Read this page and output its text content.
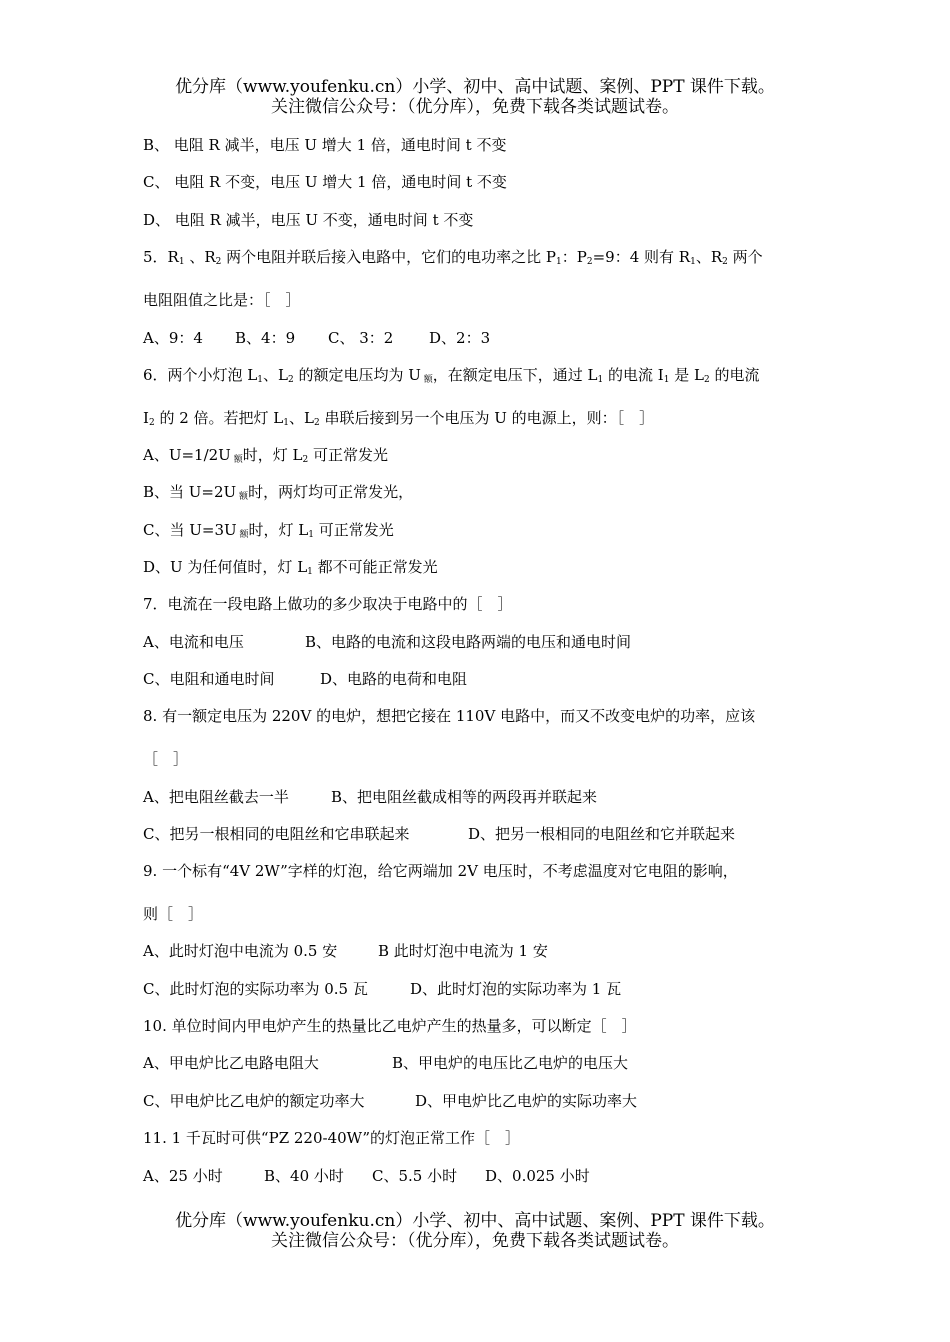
优分库（www.youfenku.cn）小学、初中、高中试题、案例、PPT 课件下载。
关注微信公众号：（优分库），免费下载各类试题试卷。
B、 电阻 R 减半，电压 U 增大 1 倍，通电时间 t 不变
C、 电阻 R 不变，电压 U 增大 1 倍，通电时间 t 不变
D、 电阻 R 减半，电压 U 不变，通电时间 t 不变
5．$R_1$ 、$R_2$ 两个电阻并联后接入电路中，它们的电功率之比 $P_1$：$P_2=9$：4 则有 $R_1$、$R_2$ 两个
电阻阻值之比是：［　］
A、9：4 B、4：9 C、 3：2 D、2：3
6．两个小灯泡 $L_1$、$L_2$ 的额定电压均为 U $_额$，在额定电压下，通过 $L_1$ 的电流 $I_1$ 是 $L_2$ 的电流
$I_2$ 的 2 倍。若把灯 $L_1$、$L_2$ 串联后接到另一个电压为 U 的电源上，则：［　］
A、U=1/2U $_额$时，灯 $L_2$ 可正常发光
B、当 U=2U $_额$时，两灯均可正常发光，
C、当 U=3U $_额$时，灯 $L_1$ 可正常发光
D、U 为任何值时，灯 $L_1$ 都不可能正常发光
7．电流在一段电路上做功的多少取决于电路中的［　］
A、电流和电压	B、电路的电流和这段电路两端的电压和通电时间
C、电阻和通电时间	D、电路的电荷和电阻
8. 有一额定电压为 220V 的电炉，想把它接在 110V 电路中，而又不改变电炉的功率，应该
［　］
A、把电阻丝截去一半	B、把电阻丝截成相等的两段再并联起来
C、把另一根相同的电阻丝和它串联起来	D、把另一根相同的电阻丝和它并联起来
9. 一个标有“4V 2W”字样的灯泡，给它两端加 2V 电压时，不考虑温度对它电阻的影响，
则［　］
A、此时灯泡中电流为 0.5 安	B 此时灯泡中电流为 1 安
C、此时灯泡的实际功率为 0.5 瓦	D、此时灯泡的实际功率为 1 瓦
10. 单位时间内甲电炉产生的热量比乙电炉产生的热量多，可以断定［　］
A、甲电炉比乙电路电阻大	B、甲电炉的电压比乙电炉的电压大
C、甲电炉比乙电炉的额定功率大	D、甲电炉比乙电炉的实际功率大
11. 1 千瓦时可供“PZ 220-40W”的灯泡正常工作［　］
A、25 小时	B、40 小时 C、5.5 小时 D、0.025 小时
优分库（www.youfenku.cn）小学、初中、高中试题、案例、PPT 课件下载。
关注微信公众号：（优分库），免费下载各类试题试卷。
